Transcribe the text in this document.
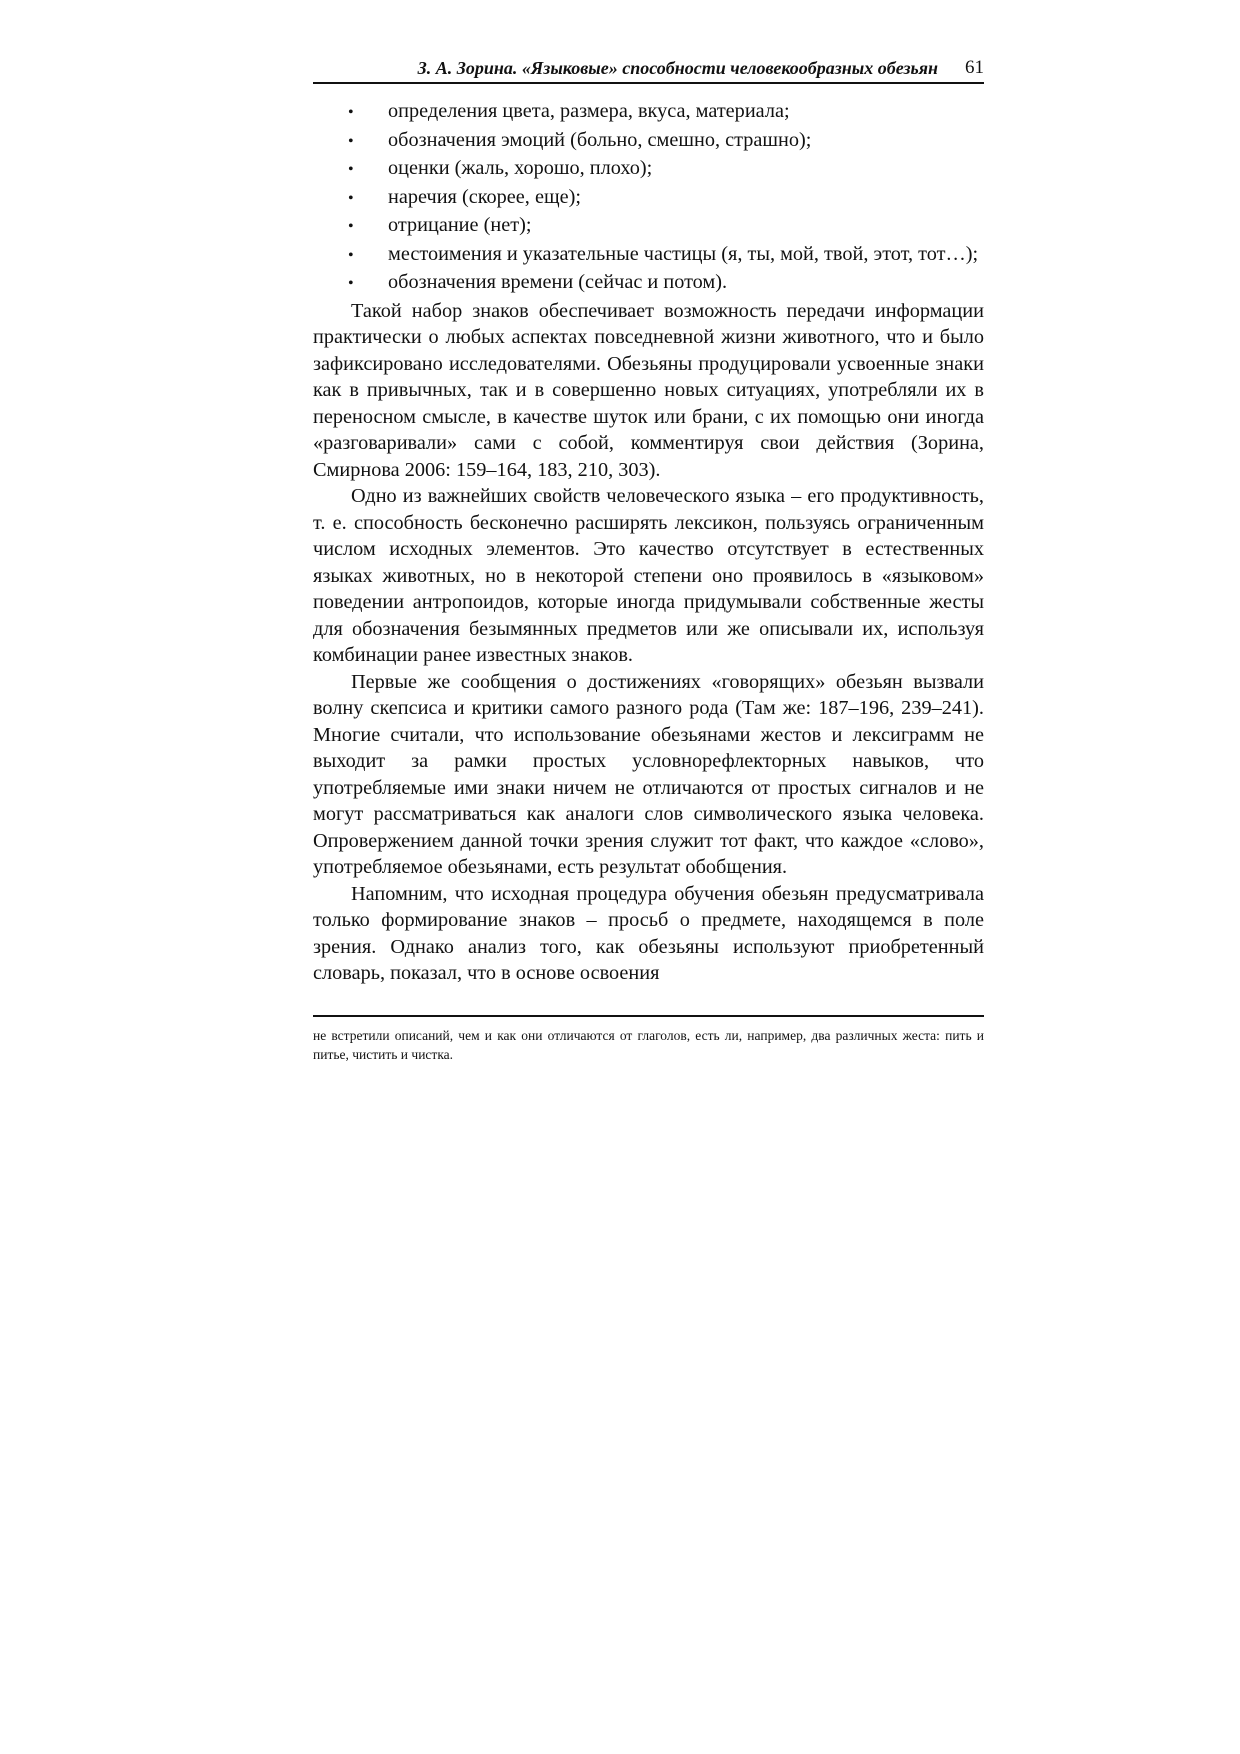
З. А. Зорина. «Языковые» способности человекообразных обезьян 61
• определения цвета, размера, вкуса, материала;
• обозначения эмоций (больно, смешно, страшно);
• оценки (жаль, хорошо, плохо);
• наречия (скорее, еще);
• отрицание (нет);
• местоимения и указательные частицы (я, ты, мой, твой, этот, тот…);
• обозначения времени (сейчас и потом).

Такой набор знаков обеспечивает возможность передачи информации практически о любых аспектах повседневной жизни животного, что и было зафиксировано исследователями. Обезьяны продуцировали усвоенные знаки как в привычных, так и в совершенно новых ситуациях, употребляли их в переносном смысле, в качестве шуток или брани, с их помощью они иногда «разговаривали» сами с собой, комментируя свои действия (Зорина, Смирнова 2006: 159–164, 183, 210, 303).

Одно из важнейших свойств человеческого языка – его продуктивность, т. е. способность бесконечно расширять лексикон, пользуясь ограниченным числом исходных элементов. Это качество отсутствует в естественных языках животных, но в некоторой степени оно проявилось в «языковом» поведении антропоидов, которые иногда придумывали собственные жесты для обозначения безымянных предметов или же описывали их, используя комбинации ранее известных знаков.

Первые же сообщения о достижениях «говорящих» обезьян вызвали волну скепсиса и критики самого разного рода (Там же: 187–196, 239–241). Многие считали, что использование обезьянами жестов и лексиграмм не выходит за рамки простых условнорефлекторных навыков, что употребляемые ими знаки ничем не отличаются от простых сигналов и не могут рассматриваться как аналоги слов символического языка человека. Опровержением данной точки зрения служит тот факт, что каждое «слово», употребляемое обезьянами, есть результат обобщения.

Напомним, что исходная процедура обучения обезьян предусматривала только формирование знаков – просьб о предмете, находящемся в поле зрения. Однако анализ того, как обезьяны используют приобретенный словарь, показал, что в основе освоения

не встретили описаний, чем и как они отличаются от глаголов, есть ли, например, два различных жеста: пить и питье, чистить и чистка.
